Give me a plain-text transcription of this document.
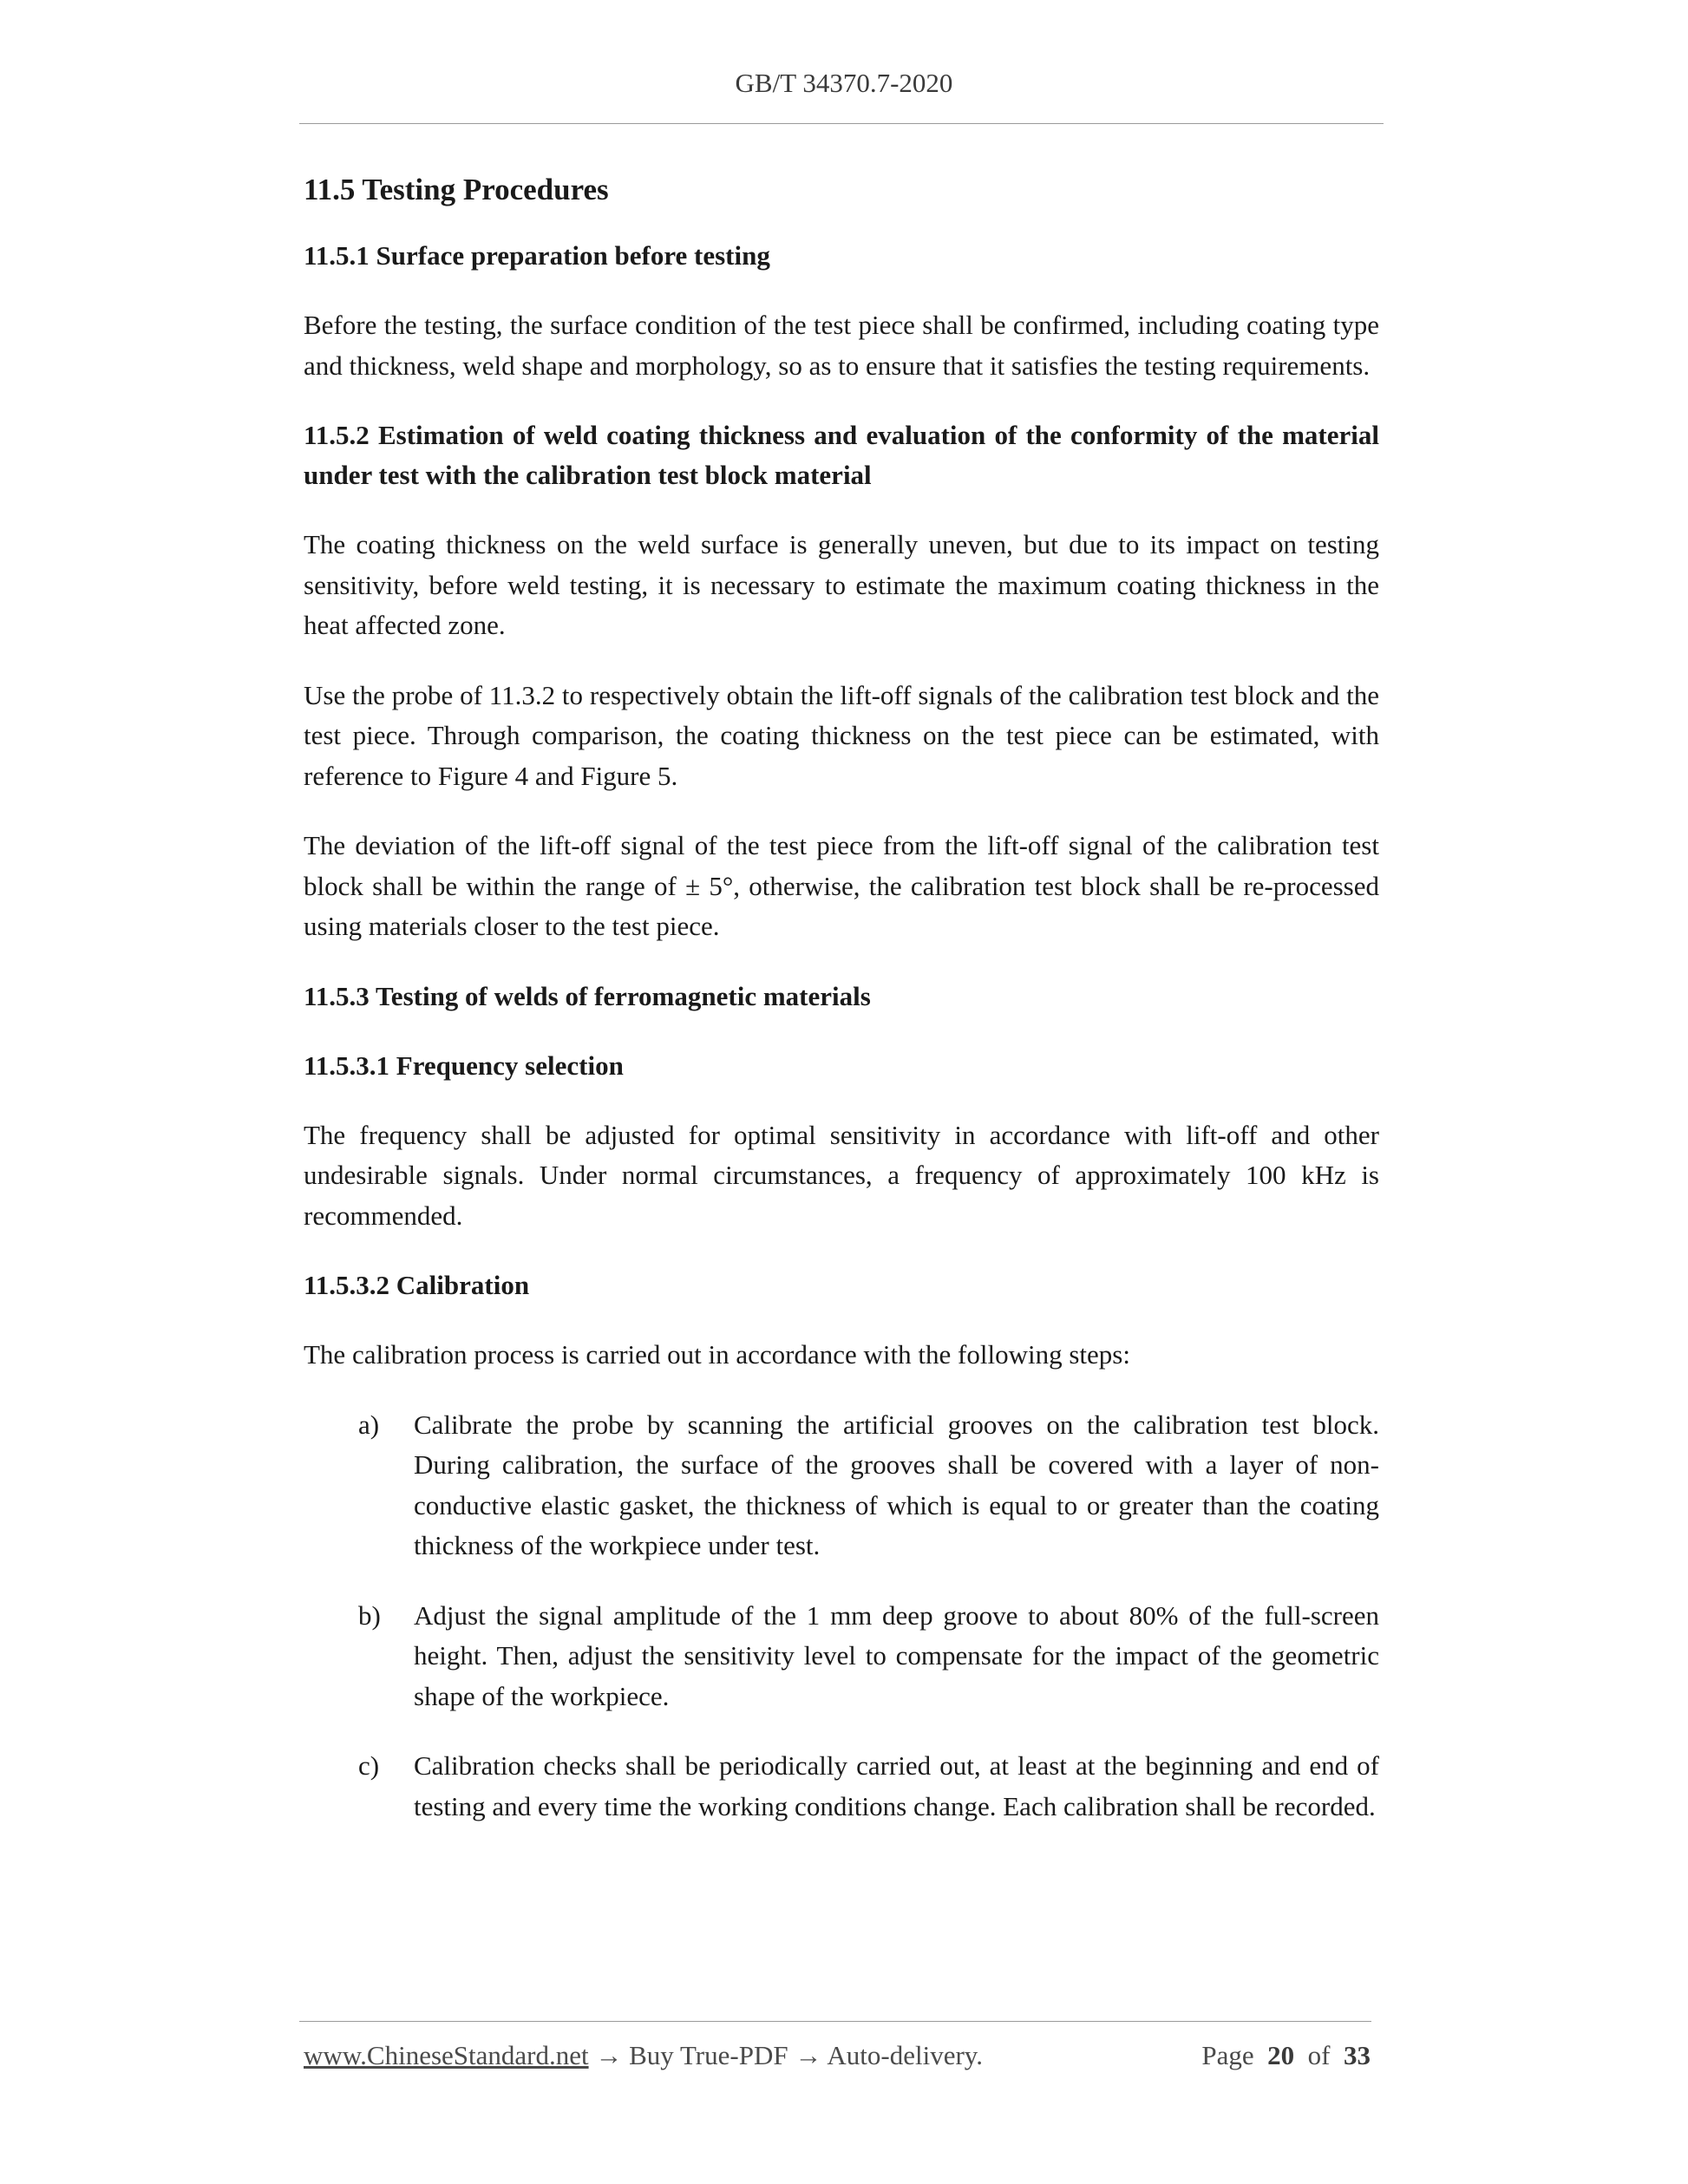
GB/T 34370.7-2020
11.5 Testing Procedures
11.5.1 Surface preparation before testing
Before the testing, the surface condition of the test piece shall be confirmed, including coating type and thickness, weld shape and morphology, so as to ensure that it satisfies the testing requirements.
11.5.2 Estimation of weld coating thickness and evaluation of the conformity of the material under test with the calibration test block material
The coating thickness on the weld surface is generally uneven, but due to its impact on testing sensitivity, before weld testing, it is necessary to estimate the maximum coating thickness in the heat affected zone.
Use the probe of 11.3.2 to respectively obtain the lift-off signals of the calibration test block and the test piece. Through comparison, the coating thickness on the test piece can be estimated, with reference to Figure 4 and Figure 5.
The deviation of the lift-off signal of the test piece from the lift-off signal of the calibration test block shall be within the range of ± 5°, otherwise, the calibration test block shall be re-processed using materials closer to the test piece.
11.5.3 Testing of welds of ferromagnetic materials
11.5.3.1 Frequency selection
The frequency shall be adjusted for optimal sensitivity in accordance with lift-off and other undesirable signals. Under normal circumstances, a frequency of approximately 100 kHz is recommended.
11.5.3.2 Calibration
The calibration process is carried out in accordance with the following steps:
a) Calibrate the probe by scanning the artificial grooves on the calibration test block. During calibration, the surface of the grooves shall be covered with a layer of non-conductive elastic gasket, the thickness of which is equal to or greater than the coating thickness of the workpiece under test.
b) Adjust the signal amplitude of the 1 mm deep groove to about 80% of the full-screen height. Then, adjust the sensitivity level to compensate for the impact of the geometric shape of the workpiece.
c) Calibration checks shall be periodically carried out, at least at the beginning and end of testing and every time the working conditions change. Each calibration shall be recorded.
www.ChineseStandard.net → Buy True-PDF → Auto-delivery.	Page 20 of 33
